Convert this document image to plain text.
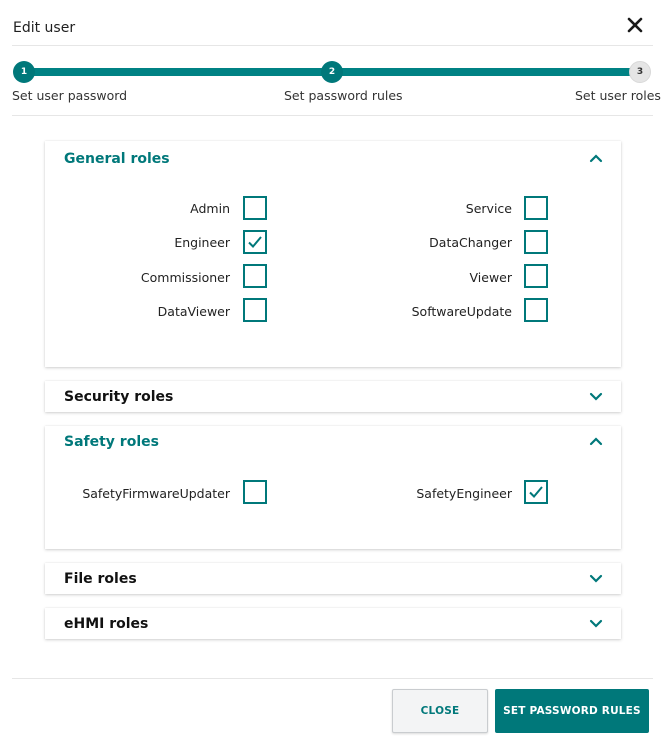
Edit user
1
Set user password
2
Set password rules
3
Set user roles
General roles
Admin
Engineer
Commissioner
DataViewer
Service
DataChanger
Viewer
SoftwareUpdate
Security roles
Safety roles
SafetyFirmwareUpdater	SafetyEngineer
File roles
eHMI roles
CLOSE	SET PASSWORD RULES
